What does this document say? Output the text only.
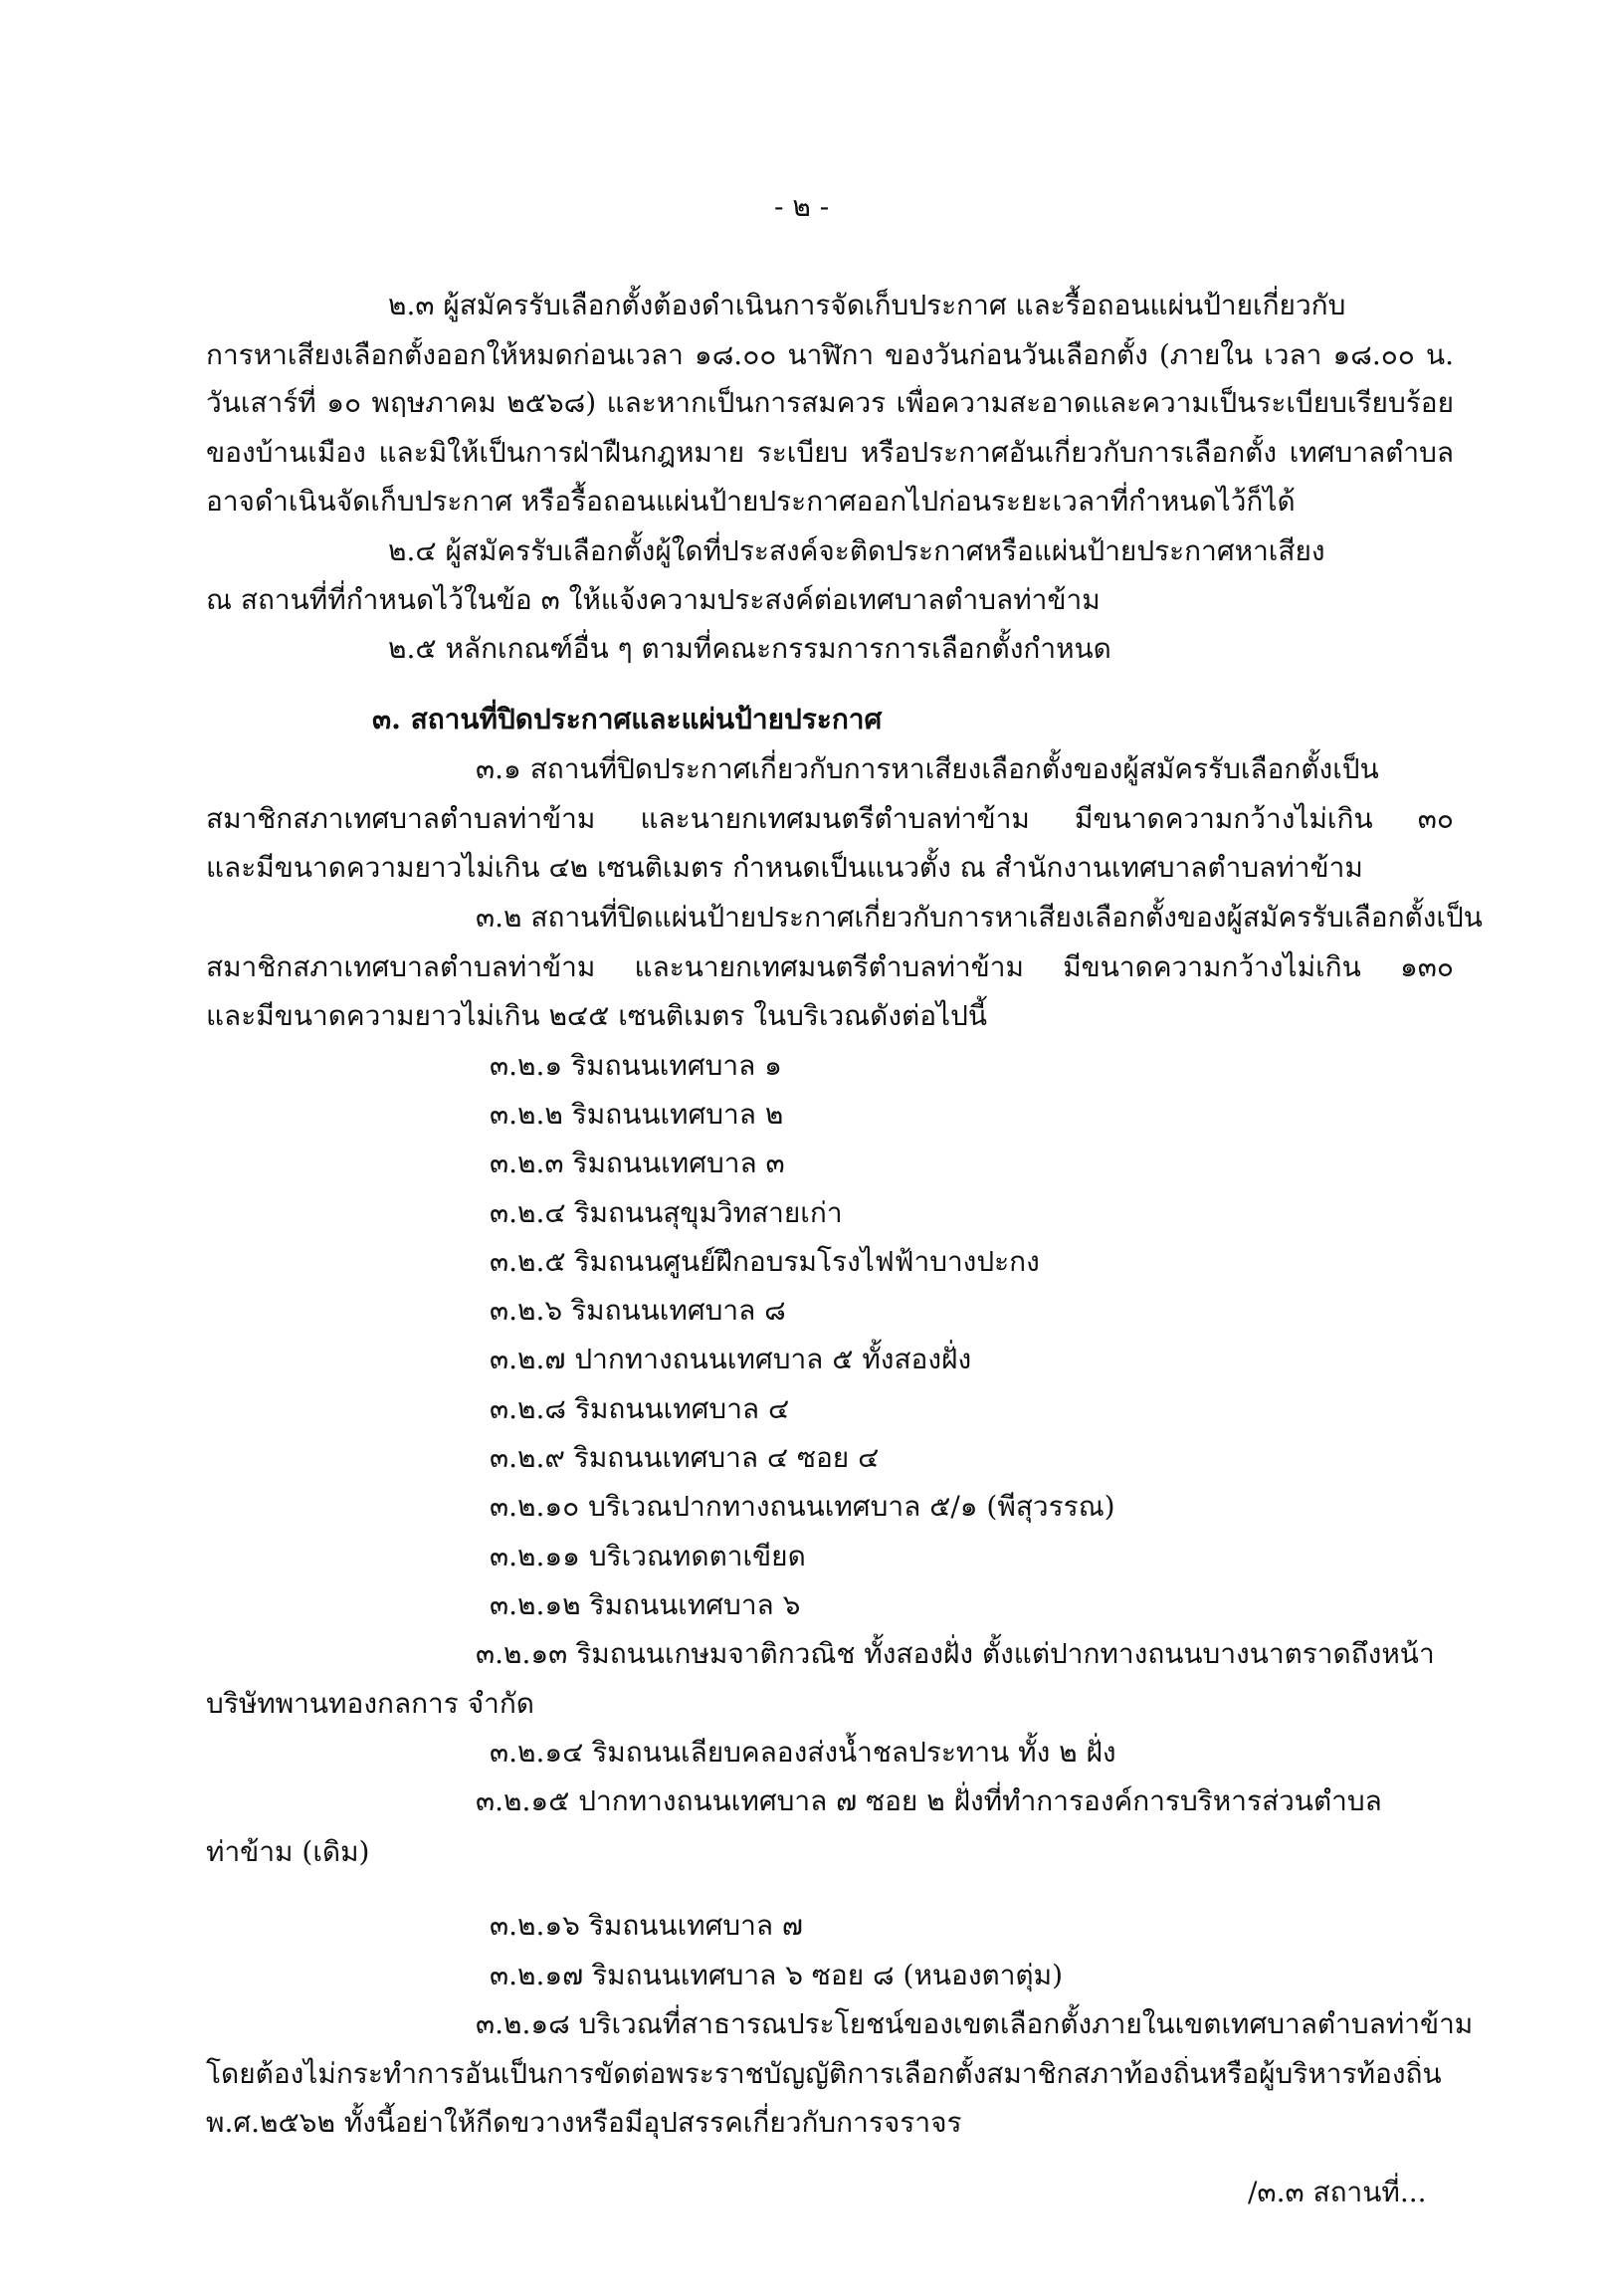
- ๒ -
๒.๓ ผู้สมัครรับเลือกตั้งต้องดำเนินการจัดเก็บประกาศ และรื้อถอนแผ่นป้ายเกี่ยวกับ
การหาเสียงเลือกตั้งออกให้หมดก่อนเวลา ๑๘.๐๐ นาฬิกา ของวันก่อนวันเลือกตั้ง (ภายใน เวลา ๑๘.๐๐ น.
วันเสาร์ที่ ๑๐ พฤษภาคม ๒๕๖๘) และหากเป็นการสมควร เพื่อความสะอาดและความเป็นระเบียบเรียบร้อย
ของบ้านเมือง และมิให้เป็นการฝ่าฝืนกฎหมาย ระเบียบ หรือประกาศอันเกี่ยวกับการเลือกตั้ง เทศบาลตำบล
อาจดำเนินจัดเก็บประกาศ หรือรื้อถอนแผ่นป้ายประกาศออกไปก่อนระยะเวลาที่กำหนดไว้ก็ได้
๒.๔ ผู้สมัครรับเลือกตั้งผู้ใดที่ประสงค์จะติดประกาศหรือแผ่นป้ายประกาศหาเสียง
ณ สถานที่ที่กำหนดไว้ในข้อ ๓ ให้แจ้งความประสงค์ต่อเทศบาลตำบลท่าข้าม
๒.๕ หลักเกณฑ์อื่น ๆ ตามที่คณะกรรมการการเลือกตั้งกำหนด
๓. สถานที่ปิดประกาศและแผ่นป้ายประกาศ
๓.๑ สถานที่ปิดประกาศเกี่ยวกับการหาเสียงเลือกตั้งของผู้สมัครรับเลือกตั้งเป็น
สมาชิกสภาเทศบาลตำบลท่าข้าม และนายกเทศมนตรีตำบลท่าข้าม มีขนาดความกว้างไม่เกิน ๓๐
และมีขนาดความยาวไม่เกิน ๔๒ เซนติเมตร กำหนดเป็นแนวตั้ง ณ สำนักงานเทศบาลตำบลท่าข้าม
๓.๒ สถานที่ปิดแผ่นป้ายประกาศเกี่ยวกับการหาเสียงเลือกตั้งของผู้สมัครรับเลือกตั้งเป็น
สมาชิกสภาเทศบาลตำบลท่าข้าม และนายกเทศมนตรีตำบลท่าข้าม มีขนาดความกว้างไม่เกิน ๑๓๐
และมีขนาดความยาวไม่เกิน ๒๔๕ เซนติเมตร ในบริเวณดังต่อไปนี้
๓.๒.๑ ริมถนนเทศบาล ๑
๓.๒.๒ ริมถนนเทศบาล ๒
๓.๒.๓ ริมถนนเทศบาล ๓
๓.๒.๔ ริมถนนสุขุมวิทสายเก่า
๓.๒.๕ ริมถนนศูนย์ฝึกอบรมโรงไฟฟ้าบางปะกง
๓.๒.๖ ริมถนนเทศบาล ๘
๓.๒.๗ ปากทางถนนเทศบาล ๕ ทั้งสองฝั่ง
๓.๒.๘ ริมถนนเทศบาล ๔
๓.๒.๙ ริมถนนเทศบาล ๔ ซอย ๔
๓.๒.๑๐ บริเวณปากทางถนนเทศบาล ๕/๑ (พีสุวรรณ)
๓.๒.๑๑ บริเวณทดตาเขียด
๓.๒.๑๒ ริมถนนเทศบาล ๖
๓.๒.๑๓ ริมถนนเกษมจาติกวณิช ทั้งสองฝั่ง ตั้งแต่ปากทางถนนบางนาตราดถึงหน้า
บริษัทพานทองกลการ จำกัด
๓.๒.๑๔ ริมถนนเลียบคลองส่งน้ำชลประทาน ทั้ง ๒ ฝั่ง
๓.๒.๑๕ ปากทางถนนเทศบาล ๗ ซอย ๒ ฝั่งที่ทำการองค์การบริหารส่วนตำบล
ท่าข้าม (เดิม)
๓.๒.๑๖ ริมถนนเทศบาล ๗
๓.๒.๑๗ ริมถนนเทศบาล ๖ ซอย ๘ (หนองตาตุ่ม)
๓.๒.๑๘ บริเวณที่สาธารณประโยชน์ของเขตเลือกตั้งภายในเขตเทศบาลตำบลท่าข้าม
โดยต้องไม่กระทำการอันเป็นการขัดต่อพระราชบัญญัติการเลือกตั้งสมาชิกสภาท้องถิ่นหรือผู้บริหารท้องถิ่น
พ.ศ.๒๕๖๒ ทั้งนี้อย่าให้กีดขวางหรือมีอุปสรรคเกี่ยวกับการจราจร
/๓.๓ สถานที่...
